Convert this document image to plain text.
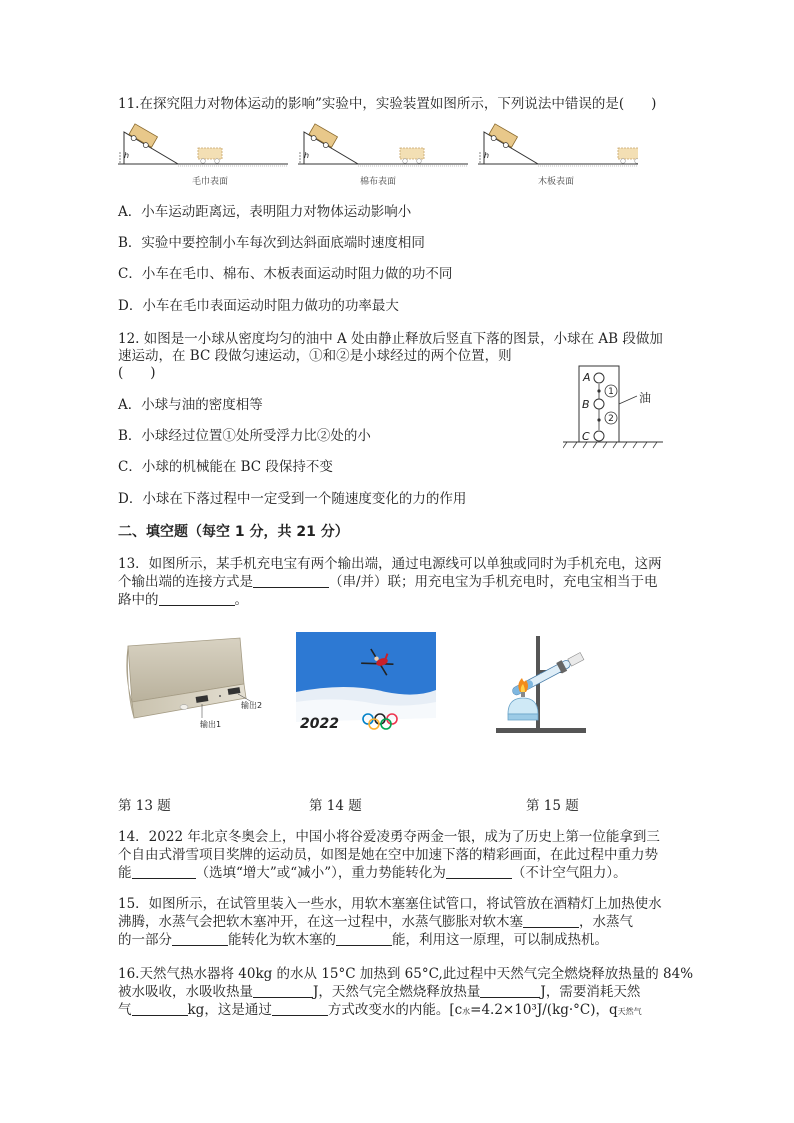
11.在探究阻力对物体运动的影响”实验中，实验装置如图所示，下列说法中错误的是(　　)
h	h	h
毛巾表面	棉布表面	木板表面
A．小车运动距离远，表明阻力对物体运动影响小
B．实验中要控制小车每次到达斜面底端时速度相同
C．小车在毛巾、棉布、木板表面运动时阻力做的功不同
D．小车在毛巾表面运动时阻力做功的功率最大
12. 如图是一小球从密度均匀的油中 A 处由静止释放后竖直下落的图景，小球在 AB 段做加
速运动，在 BC 段做匀速运动，①和②是小球经过的两个位置，则
(　　)
1
2
A
B
C
油
A．小球与油的密度相等
B．小球经过位置①处所受浮力比②处的小
C．小球的机械能在 BC 段保持不变
D．小球在下落过程中一定受到一个随速度变化的力的作用
二、填空题（每空 1 分，共 21 分）
13．如图所示，某手机充电宝有两个输出端，通过电源线可以单独或同时为手机充电，这两
个输出端的连接方式是	（串/并）联；用充电宝为手机充电时，充电宝相当于电
路中的	。
输出1
输出2
2022
第 13 题	第 14 题	第 15 题
14．2022 年北京冬奥会上，中国小将谷爱凌勇夺两金一银，成为了历史上第一位能拿到三
个自由式滑雪项目奖牌的运动员，如图是她在空中加速下落的精彩画面，在此过程中重力势
能	（选填“增大”或“减小”），重力势能转化为	（不计空气阻力）。
15．如图所示，在试管里装入一些水，用软木塞塞住试管口，将试管放在酒精灯上加热使水
沸腾，水蒸气会把软木塞冲开，在这一过程中，水蒸气膨胀对软木塞	，水蒸气
的一部分	能转化为软木塞的	能，利用这一原理，可以制成热机。
16.天然气热水器将 40kg 的水从 15°C 加热到 65°C,此过程中天然气完全燃烧释放热量的 84%
被水吸收，水吸收热量	J，天然气完全燃烧释放热量	J，需要消耗天然
气	kg，这是通过	方式改变水的内能。[c水=4.2×10³J/(kg·°C)，q天然气
